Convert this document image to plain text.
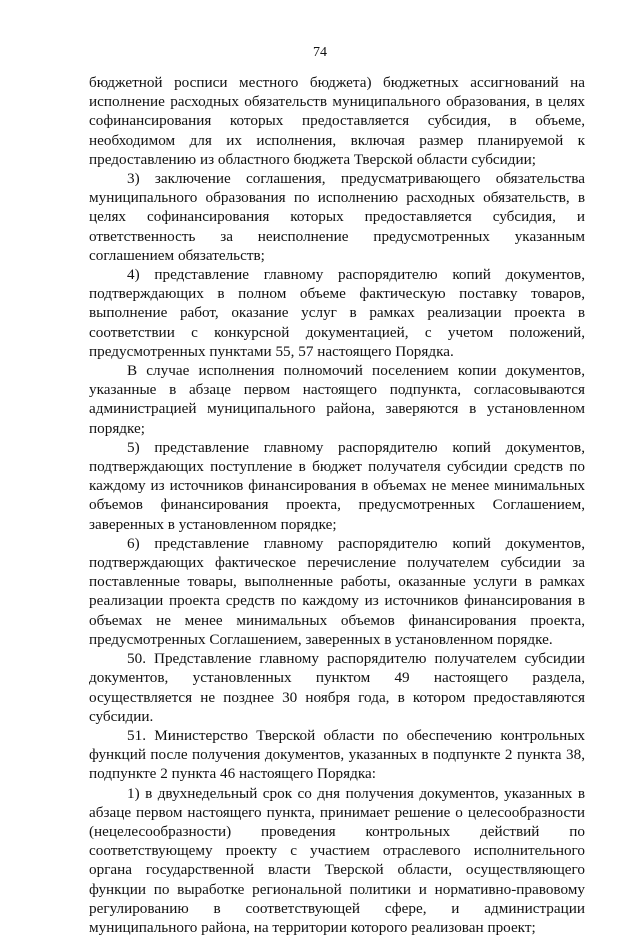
74

бюджетной росписи местного бюджета) бюджетных ассигнований на исполнение расходных обязательств муниципального образования, в целях софинансирования которых предоставляется субсидия, в объеме, необходимом для их исполнения, включая размер планируемой к предоставлению из областного бюджета Тверской области субсидии;

3) заключение соглашения, предусматривающего обязательства муниципального образования по исполнению расходных обязательств, в целях софинансирования которых предоставляется субсидия, и ответственность за неисполнение предусмотренных указанным соглашением обязательств;

4) представление главному распорядителю копий документов, подтверждающих в полном объеме фактическую поставку товаров, выполнение работ, оказание услуг в рамках реализации проекта в соответствии с конкурсной документацией, с учетом положений, предусмотренных пунктами 55, 57 настоящего Порядка.

В случае исполнения полномочий поселением копии документов, указанные в абзаце первом настоящего подпункта, согласовываются администрацией муниципального района, заверяются в установленном порядке;

5) представление главному распорядителю копий документов, подтверждающих поступление в бюджет получателя субсидии средств по каждому из источников финансирования в объемах не менее минимальных объемов финансирования проекта, предусмотренных Соглашением, заверенных в установленном порядке;

6) представление главному распорядителю копий документов, подтверждающих фактическое перечисление получателем субсидии за поставленные товары, выполненные работы, оказанные услуги в рамках реализации проекта средств по каждому из источников финансирования в объемах не менее минимальных объемов финансирования проекта, предусмотренных Соглашением, заверенных в установленном порядке.

50. Представление главному распорядителю получателем субсидии документов, установленных пунктом 49 настоящего раздела, осуществляется не позднее 30 ноября года, в котором предоставляются субсидии.

51. Министерство Тверской области по обеспечению контрольных функций после получения документов, указанных в подпункте 2 пункта 38, подпункте 2 пункта 46 настоящего Порядка:

1) в двухнедельный срок со дня получения документов, указанных в абзаце первом настоящего пункта, принимает решение о целесообразности (нецелесообразности) проведения контрольных действий по соответствующему проекту с участием отраслевого исполнительного органа государственной власти Тверской области, осуществляющего функции по выработке региональной политики и нормативно-правовому регулированию в соответствующей сфере, и администрации муниципального района, на территории которого реализован проект;
